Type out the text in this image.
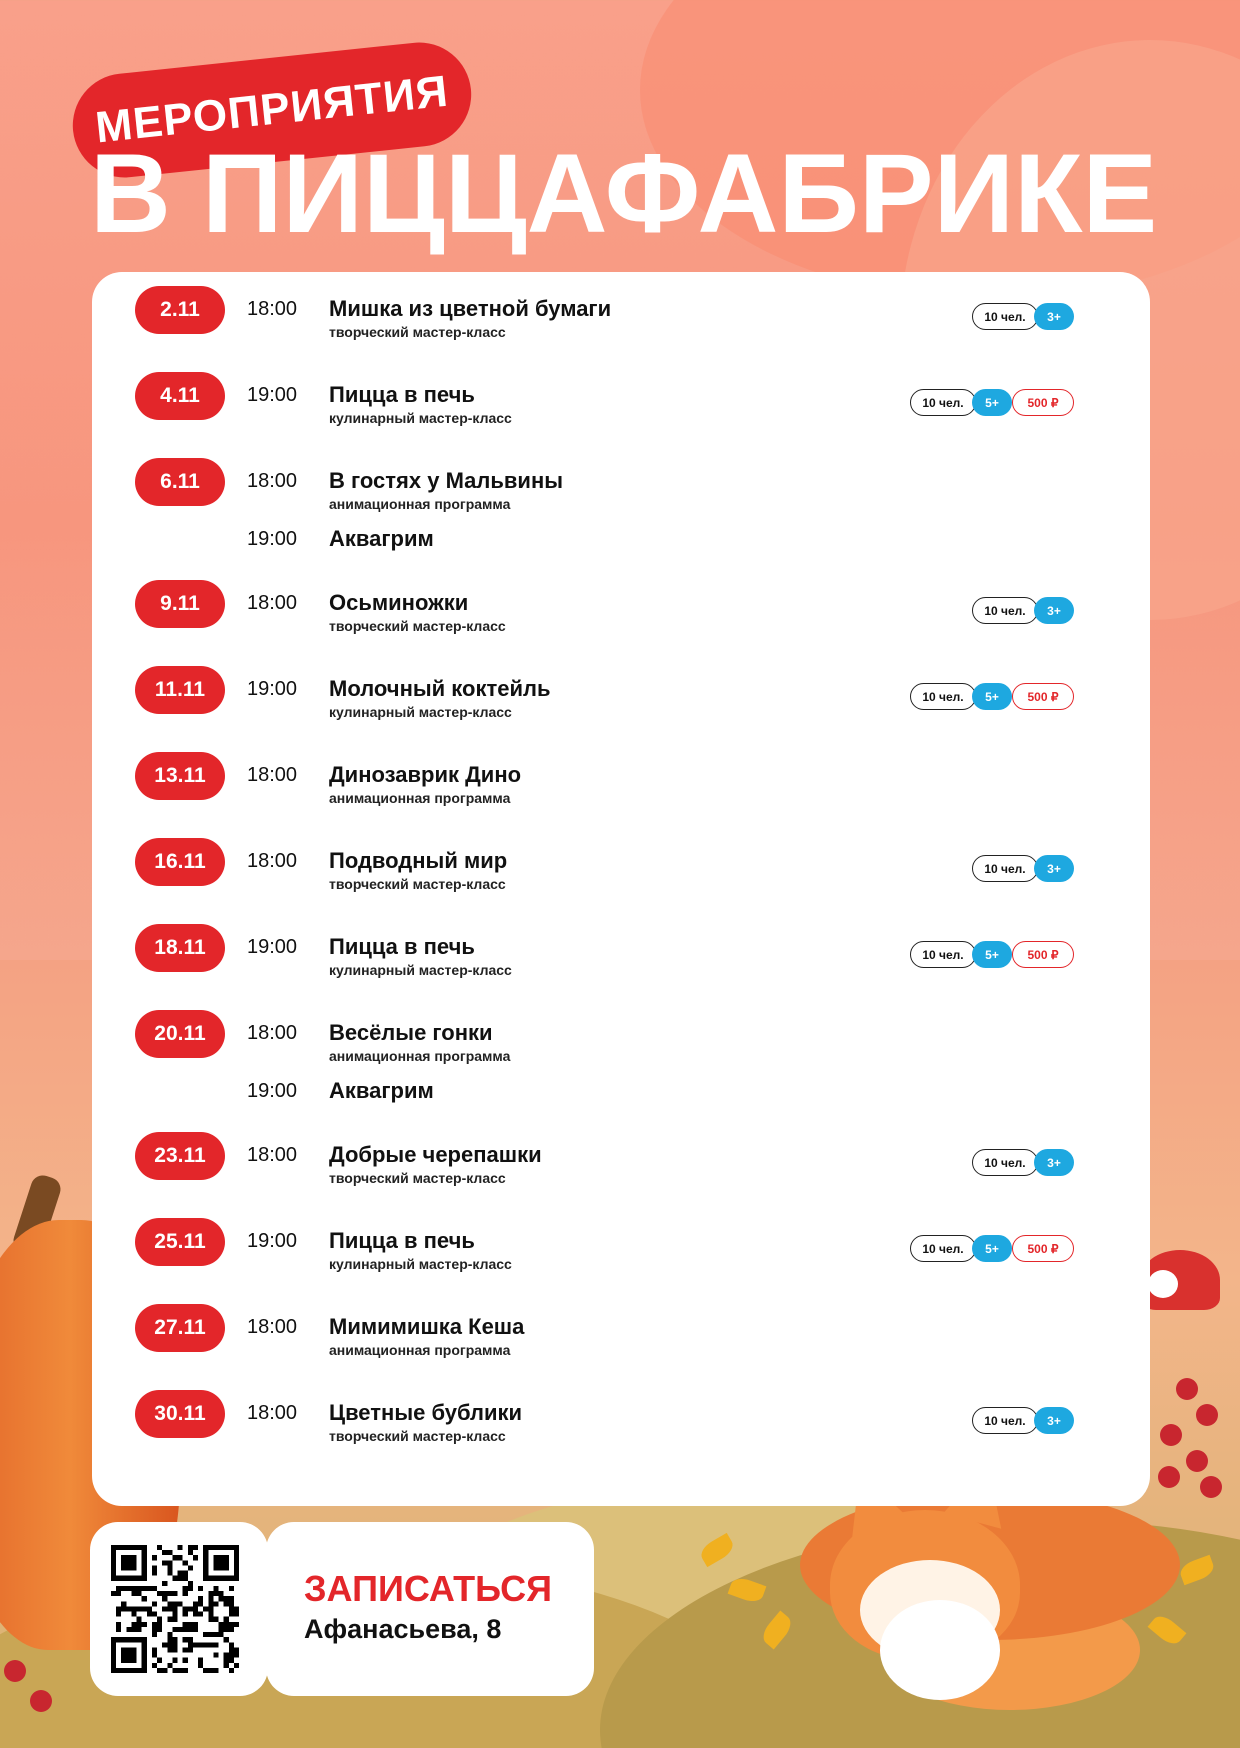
МЕРОПРИЯТИЯ
В ПИЦЦАФАБРИКЕ
2.11	18:00 Мишка из цветной бумаги
творческий мастер-класс
10 чел.	3+
4.11	19:00 Пицца в печь
кулинарный мастер-класс
10 чел.	5+	500 ₽
6.11	18:00 В гостях у Мальвины
анимационная программа
19:00 Аквагрим
9.11	18:00 Осьминожки
творческий мастер-класс
10 чел.	3+
11.11	19:00 Молочный коктейль
кулинарный мастер-класс
10 чел.	5+	500 ₽
13.11	18:00 Динозаврик Дино
анимационная программа
16.11	18:00 Подводный мир
творческий мастер-класс
10 чел.	3+
18.11	19:00 Пицца в печь
кулинарный мастер-класс
10 чел.	5+	500 ₽
20.11	18:00 Весёлые гонки
анимационная программа
19:00 Аквагрим
23.11	18:00 Добрые черепашки
творческий мастер-класс
10 чел.	3+
25.11	19:00 Пицца в печь
кулинарный мастер-класс
10 чел.	5+	500 ₽
27.11	18:00 Мимимишка Кеша
анимационная программа
30.11	18:00 Цветные бублики
творческий мастер-класс
10 чел.	3+
ЗАПИСАТЬСЯ
Афанасьева, 8
